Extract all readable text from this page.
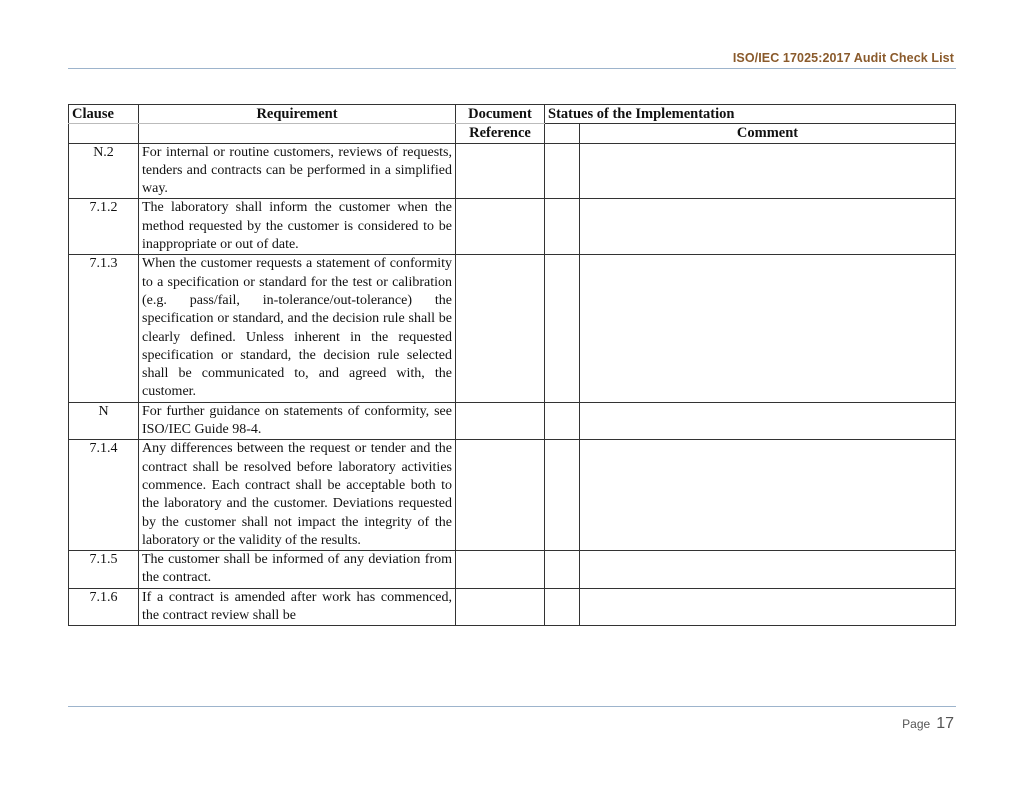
ISO/IEC 17025:2017 Audit Check List
Clause	Requirement	Document	Statues of the Implementation	
		Reference		Comment
N.2	For internal or routine customers, reviews of requests, tenders and contracts can be performed in a simplified way.			
7.1.2	The laboratory shall inform the customer when the method requested by the customer is considered to be inappropriate or out of date.			
7.1.3	When the customer requests a statement of conformity to a specification or standard for the test or calibration (e.g. pass/fail, in-tolerance/out-tolerance) the specification or standard, and the decision rule shall be clearly defined. Unless inherent in the requested specification or standard, the decision rule selected shall be communicated to, and agreed with, the customer.			
N	For further guidance on statements of conformity, see ISO/IEC Guide 98-4.			
7.1.4	Any differences between the request or tender and the contract shall be resolved before laboratory activities commence. Each contract shall be acceptable both to the laboratory and the customer. Deviations requested by the customer shall not impact the integrity of the laboratory or the validity of the results.			
7.1.5	The customer shall be informed of any deviation from the contract.			
7.1.6	If a contract is amended after work has commenced, the contract review shall be			
Page 17
